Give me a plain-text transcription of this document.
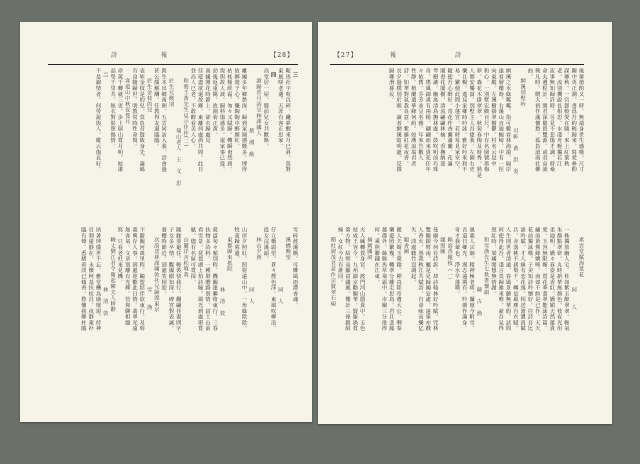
詩	報	【28】
三
鞍馬社宇喧沉碎。纔夢醒來月已斜。莫對
東風嗟老邁。天涯有客正思家。
四
高堂居一屋。膝前兒女共歡娛。
讀歸省月詩呈林謀國人
蔡　鴻　猷
離國多年鄉愁深。歸到家園感慨多。博得
故鄉遊子心。樂陶陶中醉顏紅。
枯桂頻經霜。匆々又賦歸。轉瞬奄然到。
復與故人談。歸料傷感多。還家事已從。
劫後返重陽。故園菊正黃。
南國開花時節上。卻衣歸處見
佳遊盡欲還故鄉。東離何處酒共問。此日
登高人已老。不敢醉看美人心。
和蔡王黃先生見示佳作(二)
瑞山老人　王　文　思
於生兄餞別
與生本出鄉南洲。五雲同訪入我。詩會過
甚公頗解酬。任教得友還臨臨。
於生金枝的兒
表姪金枝是的兒。莫負昔賢致身先。籌碼
有食隨歸世。明教常時性命復。
客遊山中秋夜賞月
命駕千轉就三更。歩上瑞山賞月明。皎潔
晶瑩千里共。無衣對影照傷情。
二
不是錦情者。何勞說與人。縱云傷哀好。
雪碎渡溪橋。可憐風雨滯香魂。
溪橋晚望
同　人
佇立橋頭望。蒼々煙色浮。東風吹柳浪。
從女浣溪頭。
林山夕照
同　人
山形夕照紅。照射遠山中。一角綠陰陰。
牧童歸暮邊。
東都歸來抵院
林　清　敦
就道匆々頻別程。機關連聯倚東行。三春
扶物多詩料。一種堪贈路別情。富士山前
看雪景。琵琶湖上拾詩瞳。風光到處堪賞
賦。儘有名區可賞探。
山麓洋舍松填哉
隨緣要避住。輕裝快我行。翻翩佳畫問字。
子女多卒情。觀國樹知深。碑宮對表誠。
養櫻時節近。到處笑相迎。
次韵送林謀國敦社兄歸渡東京
雪　　漁
不辭關河萬里程。鷗盟結伴欲東行。及時
義興存人事。到處迎歡此日情。翡翠光遠
無客氣。文章別離有光輝。管仰聊相題
寫。只看老杜來見機。
輓丈劉江君令衛起陳夫人移辭
林　清　敦
夙著坤儀世不忘。雅堂機為瑜壇現。持神
貝刹還靜在。永懷柯基扶桂昌。夜靜萊衫
臨有聲。悉緒着淡已傾香。愁懷我鄉柱臨
【27】	報	詩
後輩搶酌又一時。無端身世生感嘆。尺寸
關中英正潤。書爲吾約輕歸來。寫愛參酌
謀鄉秋。一官卸較愛在隨。來上紅葉秋
老。流別機說長相思。水淺舟輕獨若江
流事無知歸許時。另見不悲傷才調。時桑
命丸遺程計。開君深罷留雙源。或君高談
興凡時。贈大初作滿懷愁。孤負滄南社柳
曲。
網溪別墅吟
可軒　黃　洪　炎
網溪之水綠粼粼。指可數看林海漪。隔岸
遠看層樓時。右溪山直通蜿崎。中有一徑
向東縱。左溪樹掛翠樹鬱。村名云是中
和心。一別墅宏敞百尺。中有名園號墨梅
夢。森花木掛翠翠。秋菊春梅及時秀。熟是
人間安樂窩。別墅主人吾捷我。左園右史
樂且暢。遙見家鄉時吟詠。雅好吟來和不
易。繁使此間小蓬宮。若時每見家室空。
隨使吾心醉好。奇花作香蘭滿蘭。花滿
閣書花閣樹。清流翩翩林檎。香撫納迎
琴樹讓。幽禽清鳥撫林處。鼓吹明前巧珠
奇。瑤風錦畫有兩楊。翩翩而來貴花任年
々依舊。芬芳並呈名雅。年來告數人
性靜。植蘭遣華緣何約。如溯浪翁君者
詩。如華對氣我良意。紫藤紅花夜香。
長夕過樸別於眼。讀者網溪暗明處。反撰
歸鄉潛暮民。
素雲堂賦海棠花
同　　人
一株獨放幽人宅。柱如紫玉醉翠翠。輕氣
朱顏點翠妍。丸時新華無顏色。枝夜光用
柔通明。嬌々春姿是香紅。嬌媚天然蓮貴
愛。玉容無限媚。賞花華翡翠能詠詩篇。
繡前黃鶯緣嬌啼。南郊不約是已作。天天
花前獨詠嘆。子美知詩吟懷好。往詩吾比
談吟賦。才人綠有恋花逸。相送澹濃貴賦
兵。赤落桃不到梨千。轉是風塵自衣賦。
人生則世者清遠。春風景聽無華假。試問
何使得此吾。淺言莫歸雅來唯。豪吾見得
照紅時。梁國閒想無情謝。
和雪漁先生七秩書懷韻
陳　古　漁
風義人宗師。精神極老嗟。攝壇今附雪。
吾道日鄉光。漫志遠期有。吟劍作滿身。
奇才我輩也。淨水早蓬嘆。
賴溶香題枝（一）
題照圖
曼爾今何有詩訴。却詩翰林好吟賦。咒林
雙關銀臂南。屬是見歸國安處。遠嶺亦戲
人香火。憑我秋江共賦詩。自命咏高樂亿
失。淡處聽竹沒調起。
題香圖
麗人夫婿玉葉籍。禪真陸帝遺大公。剩秦
樂遊照繁幾。轉翠分離走思鳥。君且悲鳳
越郡外。絲豚馬草飛霜中。市關三分淮得
何。乘照聯鋪在江東。
摘刺國詞
夫人緘轉賀身宮。渡門河山隱貴中。玉色
枝成王容令。九州錦京勸關華。賢羅渦賞
策方物。結壁高顯富國風。樓計三祿銀組
綠。女紅今古有誰同。
閱杜淑茂君意作宗賢翠石硯
